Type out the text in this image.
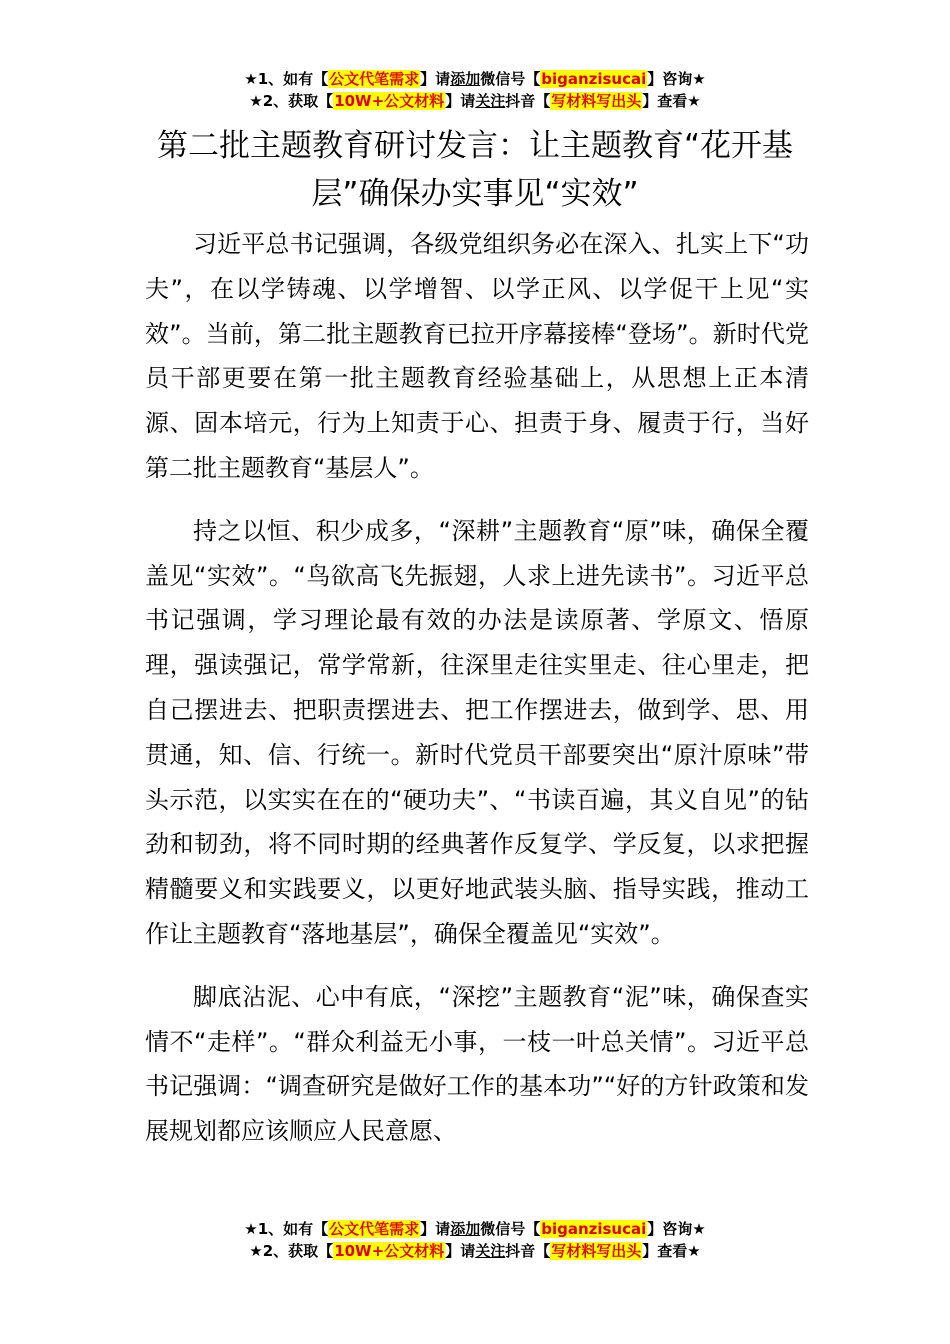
★1、如有【公文代笔需求】请添加微信号【biganzisucai】咨询★
★2、获取【10W+公文材料】请关注抖音【写材料写出头】查看★
第二批主题教育研讨发言：让主题教育“花开基层”确保办实事见“实效”

习近平总书记强调，各级党组织务必在深入、扎实上下“功夫”，在以学铸魂、以学增智、以学正风、以学促干上见“实效”。当前，第二批主题教育已拉开序幕接棒“登场”。新时代党员干部更要在第一批主题教育经验基础上，从思想上正本清源、固本培元，行为上知责于心、担责于身、履责于行，当好第二批主题教育“基层人”。

持之以恒、积少成多，“深耕”主题教育“原”味，确保全覆盖见“实效”。“鸟欲高飞先振翅，人求上进先读书”。习近平总书记强调，学习理论最有效的办法是读原著、学原文、悟原理，强读强记，常学常新，往深里走往实里走、往心里走，把自己摆进去、把职责摆进去、把工作摆进去，做到学、思、用贯通，知、信、行统一。新时代党员干部要突出“原汁原味”带头示范，以实实在在的“硬功夫”、“书读百遍，其义自见”的钻劲和韧劲，将不同时期的经典著作反复学、学反复，以求把握精髓要义和实践要义，以更好地武装头脑、指导实践，推动工作让主题教育“落地基层”，确保全覆盖见“实效”。

脚底沾泥、心中有底，“深挖”主题教育“泥”味，确保查实情不“走样”。“群众利益无小事，一枝一叶总关情”。习近平总书记强调：“调查研究是做好工作的基本功”“好的方针政策和发展规划都应该顺应人民意愿、

★1、如有【公文代笔需求】请添加微信号【biganzisucai】咨询★
★2、获取【10W+公文材料】请关注抖音【写材料写出头】查看★
